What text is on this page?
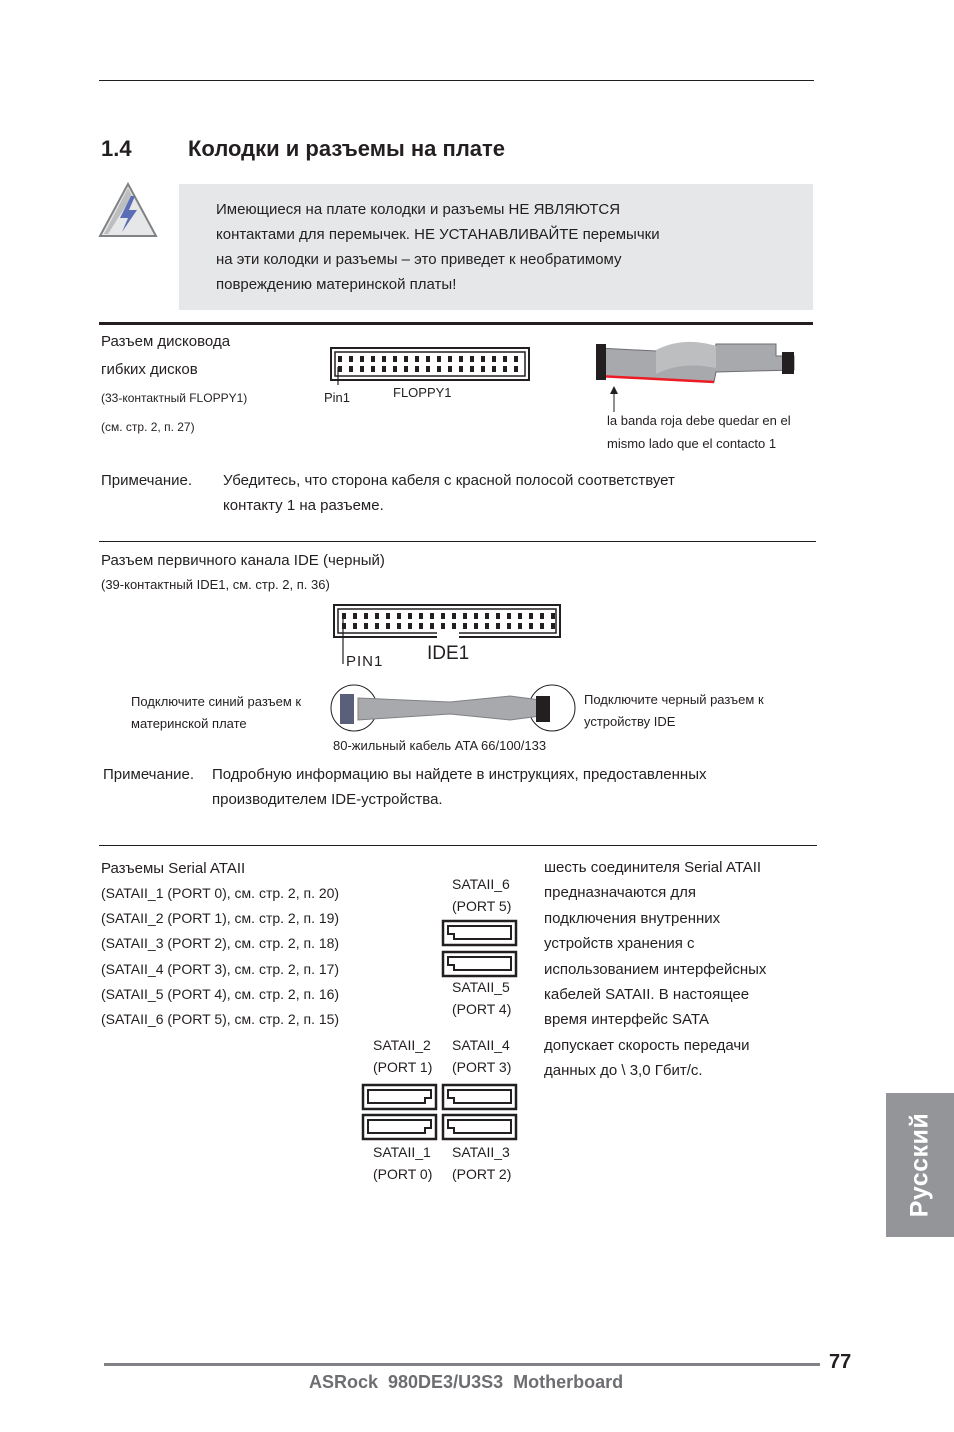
1.4	Колодки и разъемы на плате
Имеющиеся на плате колодки и разъемы НЕ ЯВЛЯЮТСЯ
контактами для перемычек. НЕ УСТАНАВЛИВАЙТЕ перемычки
на эти колодки и разъемы – это приведет к необратимому
повреждению материнской платы!
Разъем дисковода
гибких дисков
(33-контактный FLOPPY1)
(см. стр. 2, п. 27)
Pin1	FLOPPY1
la banda roja debe quedar en el
mismo lado que el contacto 1
Примечание. Убедитесь, что сторона кабеля с красной полосой соответствует
контакту 1 на разъеме.
Разъем первичного канала IDE (черный)
(39-контактный IDE1, см. стр. 2, п. 36)
PIN1 IDE1
Подключите синий разъем к
материнской плате
Подключите черный разъем к
устройству IDE
80-жильный кабель ATA 66/100/133
Примечание. Подробную информацию вы найдете в инструкциях, предоставленных
производителем IDE-устройства.
Разъемы Serial ATAII
(SATAII_1 (PORT 0), см. стр. 2, п. 20)
(SATAII_2 (PORT 1), см. стр. 2, п. 19)
(SATAII_3 (PORT 2), см. стр. 2, п. 18)
(SATAII_4 (PORT 3), см. стр. 2, п. 17)
(SATAII_5 (PORT 4), см. стр. 2, п. 16)
(SATAII_6 (PORT 5), см. стр. 2, п. 15)
SATAII_6
(PORT 5)
SATAII_5
(PORT 4)
SATAII_2
(PORT 1)
SATAII_4
(PORT 3)
SATAII_1
(PORT 0)
SATAII_3
(PORT 2)
шесть соединителя Serial ATAII
предназначаются для
подключения внутренних
устройств хранения с
использованием интерфейсных
кабелей SATAII. В настоящее
время интерфейс SATA
допускает скорость передачи
данных до \ 3,0 Гбит/с.
Русский
77
ASRock  980DE3/U3S3  Motherboard
